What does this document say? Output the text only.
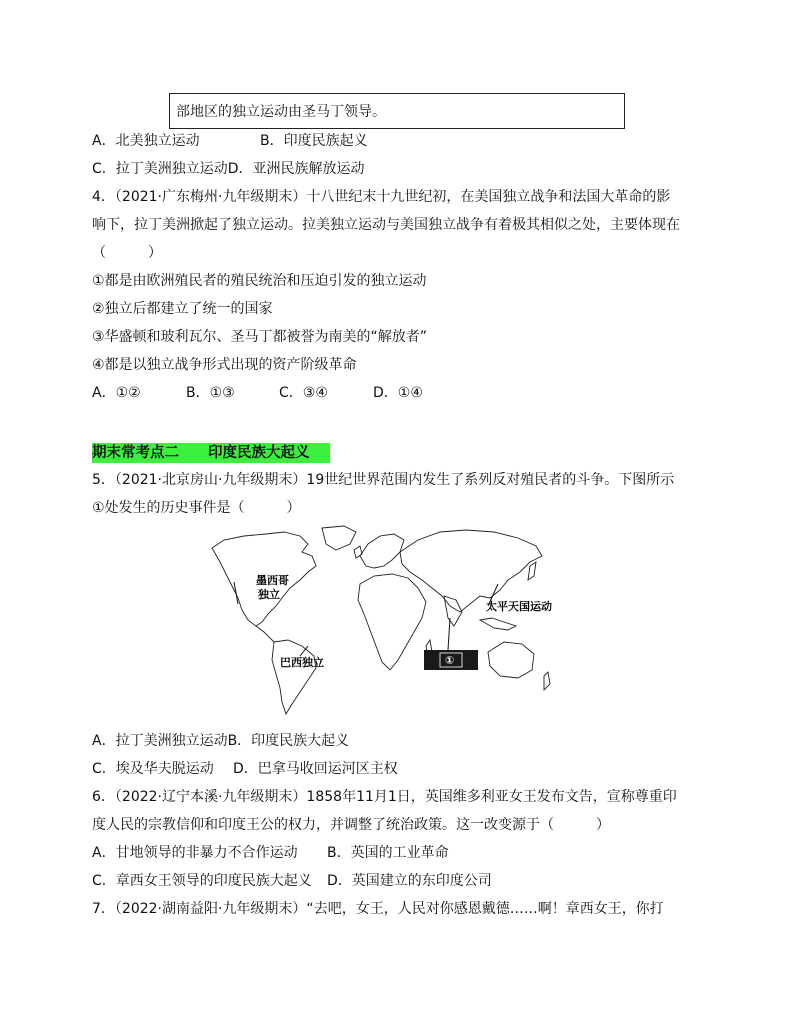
部地区的独立运动由圣马丁领导。
A．北美独立运动	B．印度民族起义
C．拉丁美洲独立运动D．亚洲民族解放运动
4．（2021·广东梅州·九年级期末）十八世纪末十九世纪初，在美国独立战争和法国大革命的影
响下，拉丁美洲掀起了独立运动。拉美独立运动与美国独立战争有着极其相似之处，主要体现在
（　　　）
①都是由欧洲殖民者的殖民统治和压迫引发的独立运动
②独立后都建立了统一的国家
③华盛顿和玻利瓦尔、圣马丁都被誉为南美的“解放者”
④都是以独立战争形式出现的资产阶级革命
A．①②	B．①③	C．③④	D．①④
期末常考点二　　印度民族大起义
5．（2021·北京房山·九年级期末）19世纪世界范围内发生了系列反对殖民者的斗争。下图所示
①处发生的历史事件是（　　　）
①
墨西哥
独立
太平天国运动
巴西独立
A．拉丁美洲独立运动B．印度民族大起义
C．埃及华夫脱运动 D．巴拿马收回运河区主权
6．（2022·辽宁本溪·九年级期末）1858年11月1日，英国维多利亚女王发布文告，宣称尊重印
度人民的宗教信仰和印度王公的权力，并调整了统治政策。这一改变源于（　　　）
A．甘地领导的非暴力不合作运动 B．英国的工业革命
C．章西女王领导的印度民族大起义 D．英国建立的东印度公司
7．（2022·湖南益阳·九年级期末）“去吧，女王，人民对你感恩戴德……啊！章西女王，你打
